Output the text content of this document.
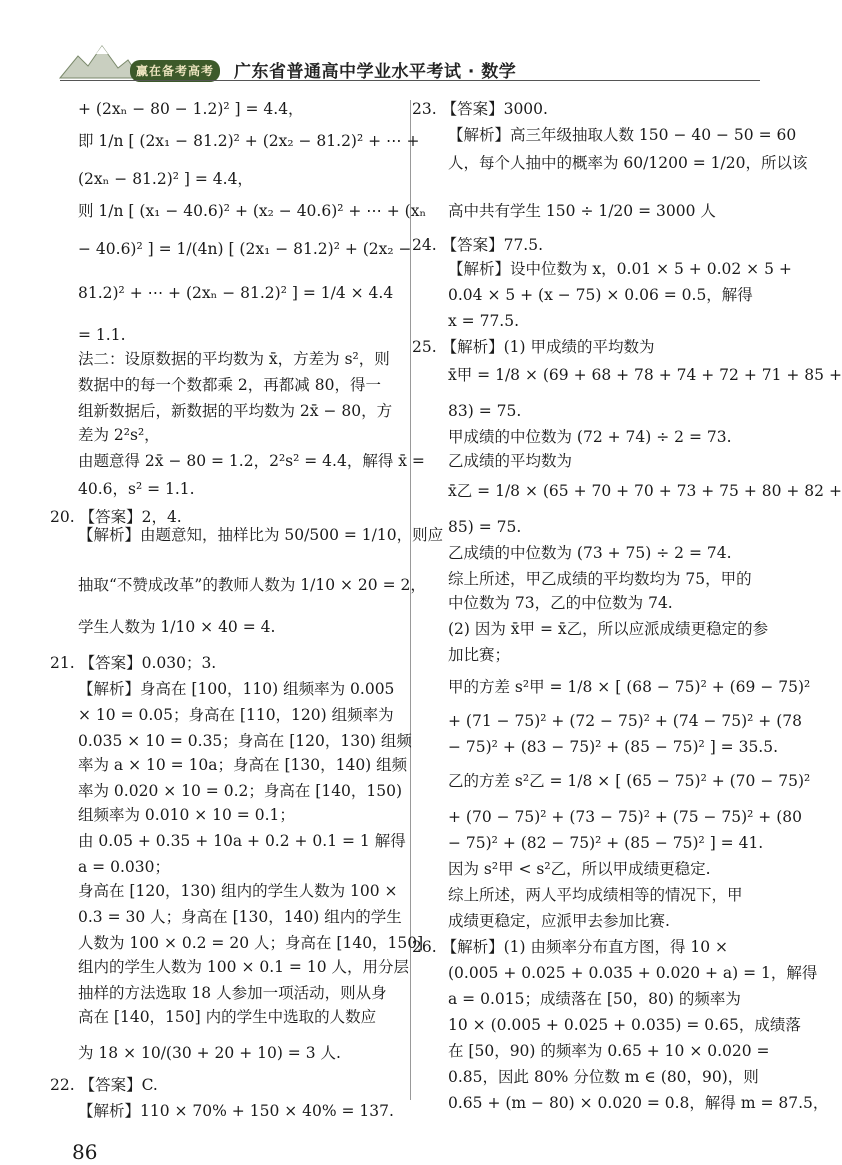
赢在备考高考	广东省普通高中学业水平考试 · 数学
+ (2xₙ − 80 − 1.2)² ] = 4.4，
即 1/n [ (2x₁ − 81.2)² + (2x₂ − 81.2)² + ⋯ +
(2xₙ − 81.2)² ] = 4.4，
则 1/n [ (x₁ − 40.6)² + (x₂ − 40.6)² + ⋯ + (xₙ
− 40.6)² ] = 1/(4n) [ (2x₁ − 81.2)² + (2x₂ −
81.2)² + ⋯ + (2xₙ − 81.2)² ] = 1/4 × 4.4
= 1.1.
法二：设原数据的平均数为 x̄，方差为 s²，则
数据中的每一个数都乘 2，再都减 80，得一
组新数据后，新数据的平均数为 2x̄ − 80，方
差为 2²s²，
由题意得 2x̄ − 80 = 1.2，2²s² = 4.4，解得 x̄ =
40.6，s² = 1.1.
20. 【答案】2，4.
【解析】由题意知，抽样比为 50/500 = 1/10，则应
抽取“不赞成改革”的教师人数为 1/10 × 20 = 2，
学生人数为 1/10 × 40 = 4.
21. 【答案】0.030；3.
【解析】身高在 [100，110) 组频率为 0.005
× 10 = 0.05；身高在 [110，120) 组频率为
0.035 × 10 = 0.35；身高在 [120，130) 组频
率为 a × 10 = 10a；身高在 [130，140) 组频
率为 0.020 × 10 = 0.2；身高在 [140，150)
组频率为 0.010 × 10 = 0.1；
由 0.05 + 0.35 + 10a + 0.2 + 0.1 = 1 解得
a = 0.030；
身高在 [120，130) 组内的学生人数为 100 ×
0.3 = 30 人；身高在 [130，140) 组内的学生
人数为 100 × 0.2 = 20 人；身高在 [140，150]
组内的学生人数为 100 × 0.1 = 10 人，用分层
抽样的方法选取 18 人参加一项活动，则从身
高在 [140，150] 内的学生中选取的人数应
为 18 × 10/(30 + 20 + 10) = 3 人.
22. 【答案】C.
【解析】110 × 70% + 150 × 40% = 137.
23. 【答案】3000.
【解析】高三年级抽取人数 150 − 40 − 50 = 60
人，每个人抽中的概率为 60/1200 = 1/20，所以该
高中共有学生 150 ÷ 1/20 = 3000 人
24. 【答案】77.5.
【解析】设中位数为 x，0.01 × 5 + 0.02 × 5 +
0.04 × 5 + (x − 75) × 0.06 = 0.5，解得
x = 77.5.
25. 【解析】(1) 甲成绩的平均数为
x̄甲 = 1/8 × (69 + 68 + 78 + 74 + 72 + 71 + 85 +
83) = 75.
甲成绩的中位数为 (72 + 74) ÷ 2 = 73.
乙成绩的平均数为
x̄乙 = 1/8 × (65 + 70 + 70 + 73 + 75 + 80 + 82 +
85) = 75.
乙成绩的中位数为 (73 + 75) ÷ 2 = 74.
综上所述，甲乙成绩的平均数均为 75，甲的
中位数为 73，乙的中位数为 74.
(2) 因为 x̄甲 = x̄乙，所以应派成绩更稳定的参
加比赛；
甲的方差 s²甲 = 1/8 × [ (68 − 75)² + (69 − 75)²
+ (71 − 75)² + (72 − 75)² + (74 − 75)² + (78
− 75)² + (83 − 75)² + (85 − 75)² ] = 35.5.
乙的方差 s²乙 = 1/8 × [ (65 − 75)² + (70 − 75)²
+ (70 − 75)² + (73 − 75)² + (75 − 75)² + (80
− 75)² + (82 − 75)² + (85 − 75)² ] = 41.
因为 s²甲 < s²乙，所以甲成绩更稳定.
综上所述，两人平均成绩相等的情况下，甲
成绩更稳定，应派甲去参加比赛.
26. 【解析】(1) 由频率分布直方图，得 10 ×
(0.005 + 0.025 + 0.035 + 0.020 + a) = 1，解得
a = 0.015；成绩落在 [50，80) 的频率为
10 × (0.005 + 0.025 + 0.035) = 0.65，成绩落
在 [50，90) 的频率为 0.65 + 10 × 0.020 =
0.85，因此 80% 分位数 m ∈ (80，90)，则
0.65 + (m − 80) × 0.020 = 0.8，解得 m = 87.5，
86
